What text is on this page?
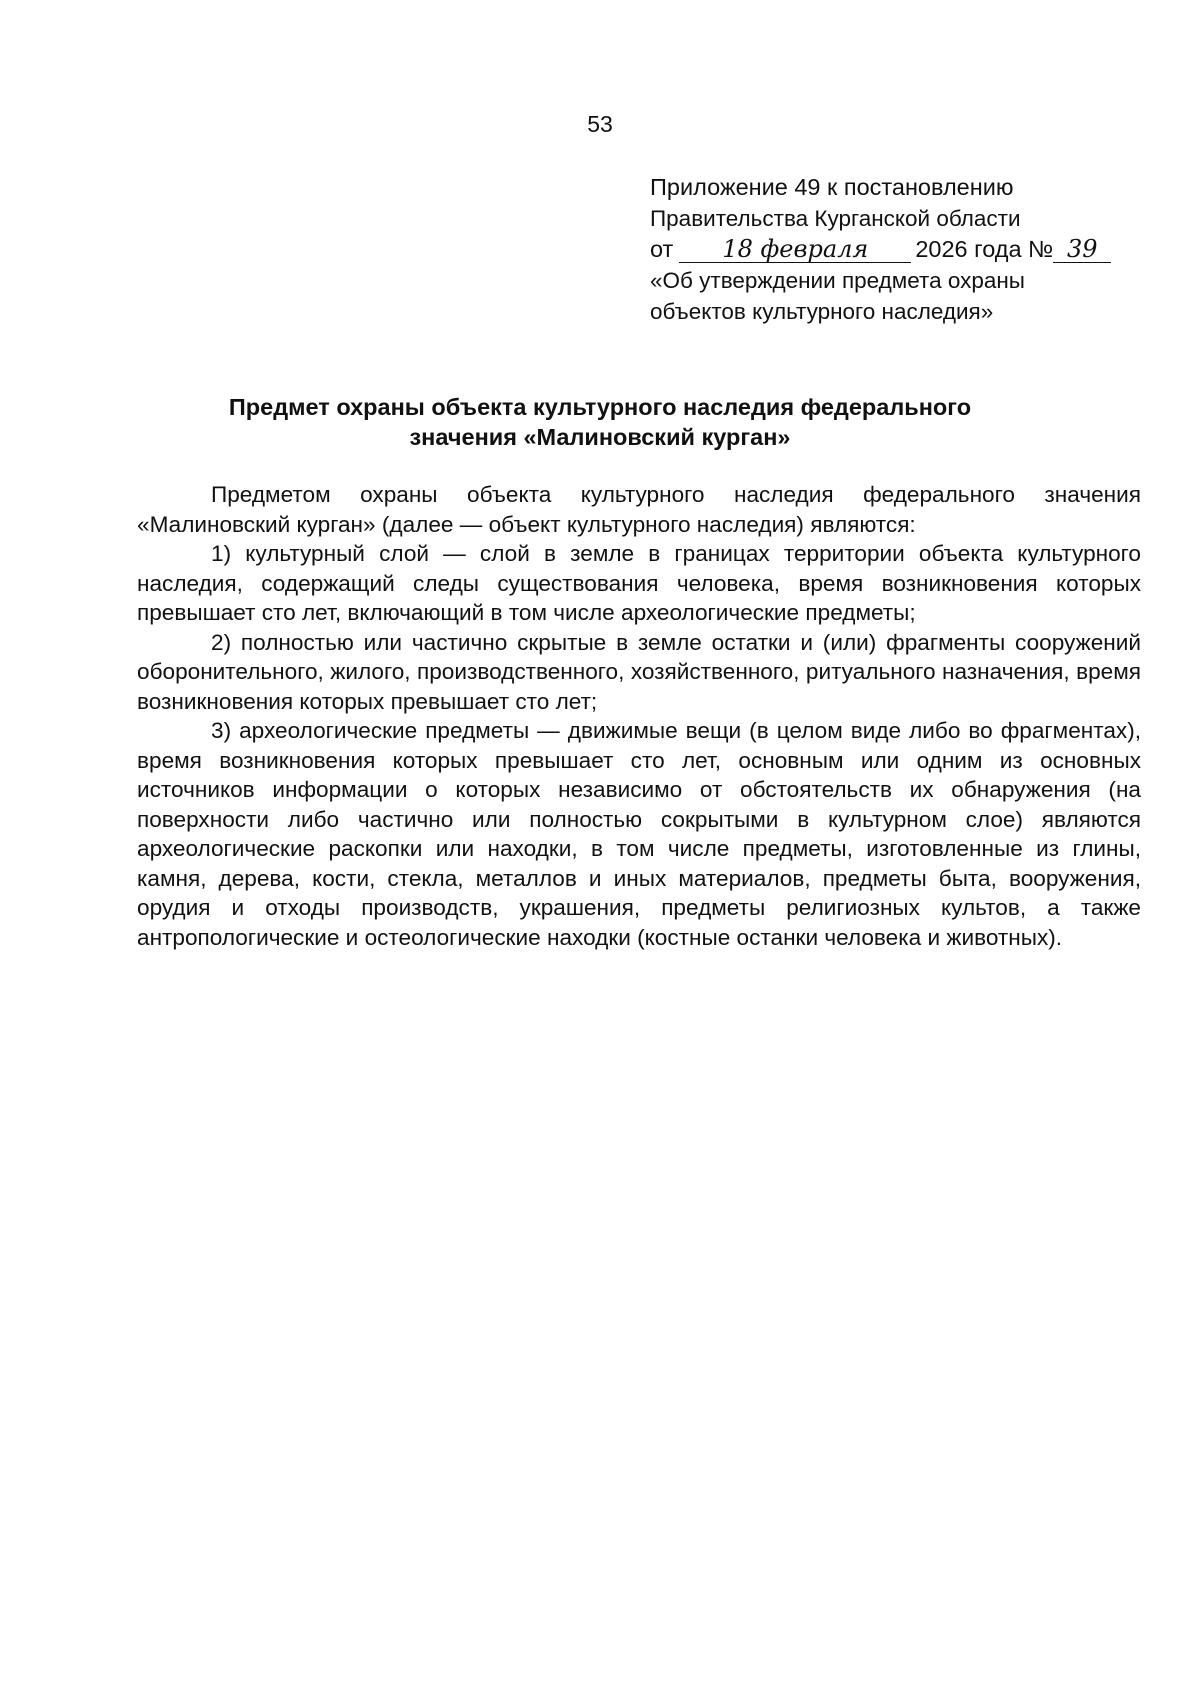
53
Приложение 49 к постановлению
Правительства Курганской области
от 18 февраля 2026 года № 39
«Об утверждении предмета охраны
объектов культурного наследия»
Предмет охраны объекта культурного наследия федерального
значения «Малиновский курган»

Предметом охраны объекта культурного наследия федерального значения «Малиновский курган» (далее — объект культурного наследия) являются:

1) культурный слой — слой в земле в границах территории объекта культурного наследия, содержащий следы существования человека, время возникновения которых превышает сто лет, включающий в том числе археологические предметы;

2) полностью или частично скрытые в земле остатки и (или) фрагменты сооружений оборонительного, жилого, производственного, хозяйственного, ритуального назначения, время возникновения которых превышает сто лет;

3) археологические предметы — движимые вещи (в целом виде либо во фрагментах), время возникновения которых превышает сто лет, основным или одним из основных источников информации о которых независимо от обстоятельств их обнаружения (на поверхности либо частично или полностью сокрытыми в культурном слое) являются археологические раскопки или находки, в том числе предметы, изготовленные из глины, камня, дерева, кости, стекла, металлов и иных материалов, предметы быта, вооружения, орудия и отходы производств, украшения, предметы религиозных культов, а также антропологические и остеологические находки (костные останки человека и животных).
